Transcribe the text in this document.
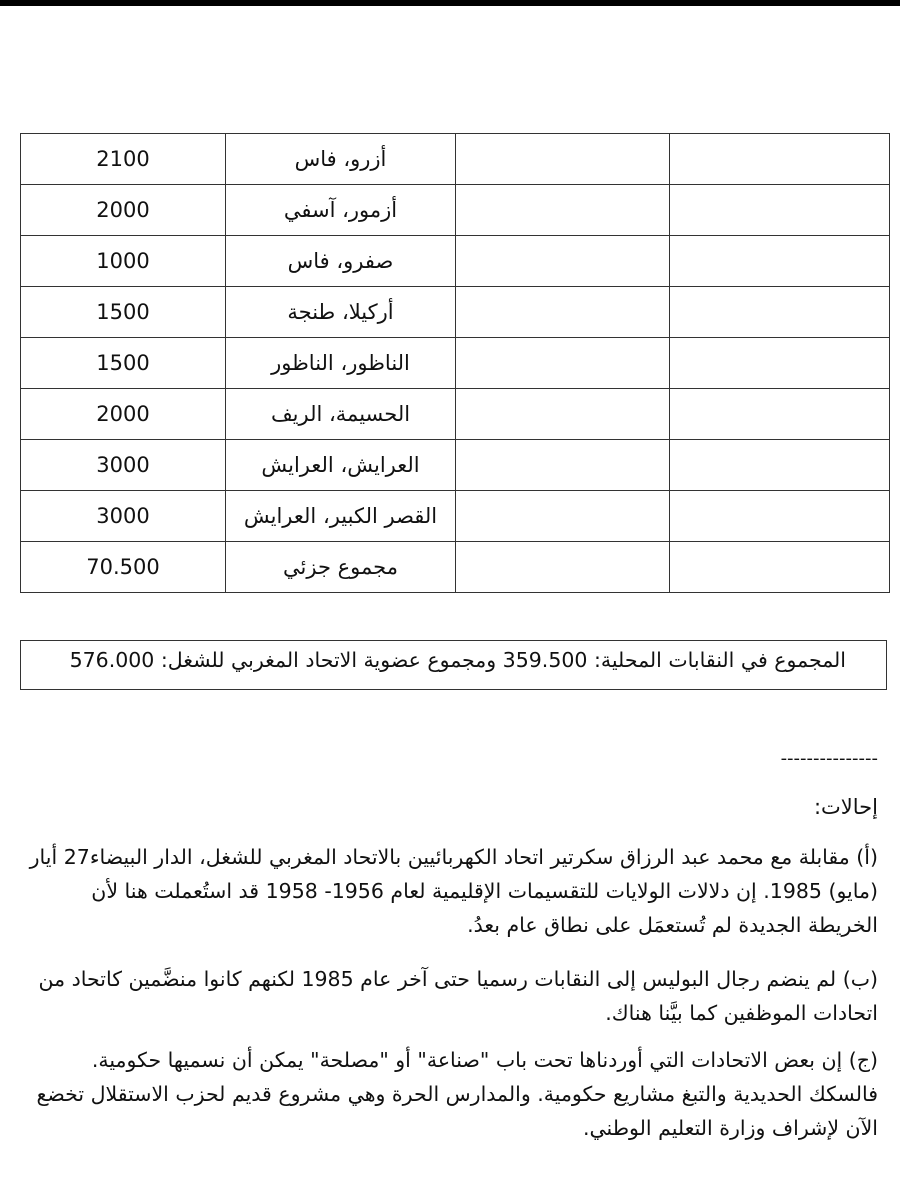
2100	أزرو، فاس		
2000	أزمور، آسفي		
1000	صفرو، فاس		
1500	أركيلا، طنجة		
1500	الناظور، الناظور		
2000	الحسيمة، الريف		
3000	العرايش، العرايش		
3000	القصر الكبير، العرايش		
70.500	مجموع جزئي		
المجموع في النقابات المحلية: 359.500 ومجموع عضوية الاتحاد المغربي للشغل: 576.000
---------------
إحالات:
(أ) مقابلة مع محمد عبد الرزاق سكرتير اتحاد الكهربائيين بالاتحاد المغربي للشغل، الدار البيضاء27 أيار (مايو) 1985. إن دلالات الولايات للتقسيمات الإقليمية لعام 1956- 1958 قد استُعملت هنا لأن الخريطة الجديدة لم تُستعمَل على نطاق عام بعدُ.
(ب) لم ينضم رجال البوليس إلى النقابات رسميا حتى آخر عام 1985 لكنهم كانوا منضَّمين كاتحاد من اتحادات الموظفين كما بيَّنا هناك.
(ج) إن بعض الاتحادات التي أوردناها تحت باب "صناعة" أو "مصلحة" يمكن أن نسميها حكومية. فالسكك الحديدية والتبغ مشاريع حكومية. والمدارس الحرة وهي مشروع قديم لحزب الاستقلال تخضع الآن لإشراف وزارة التعليم الوطني.
